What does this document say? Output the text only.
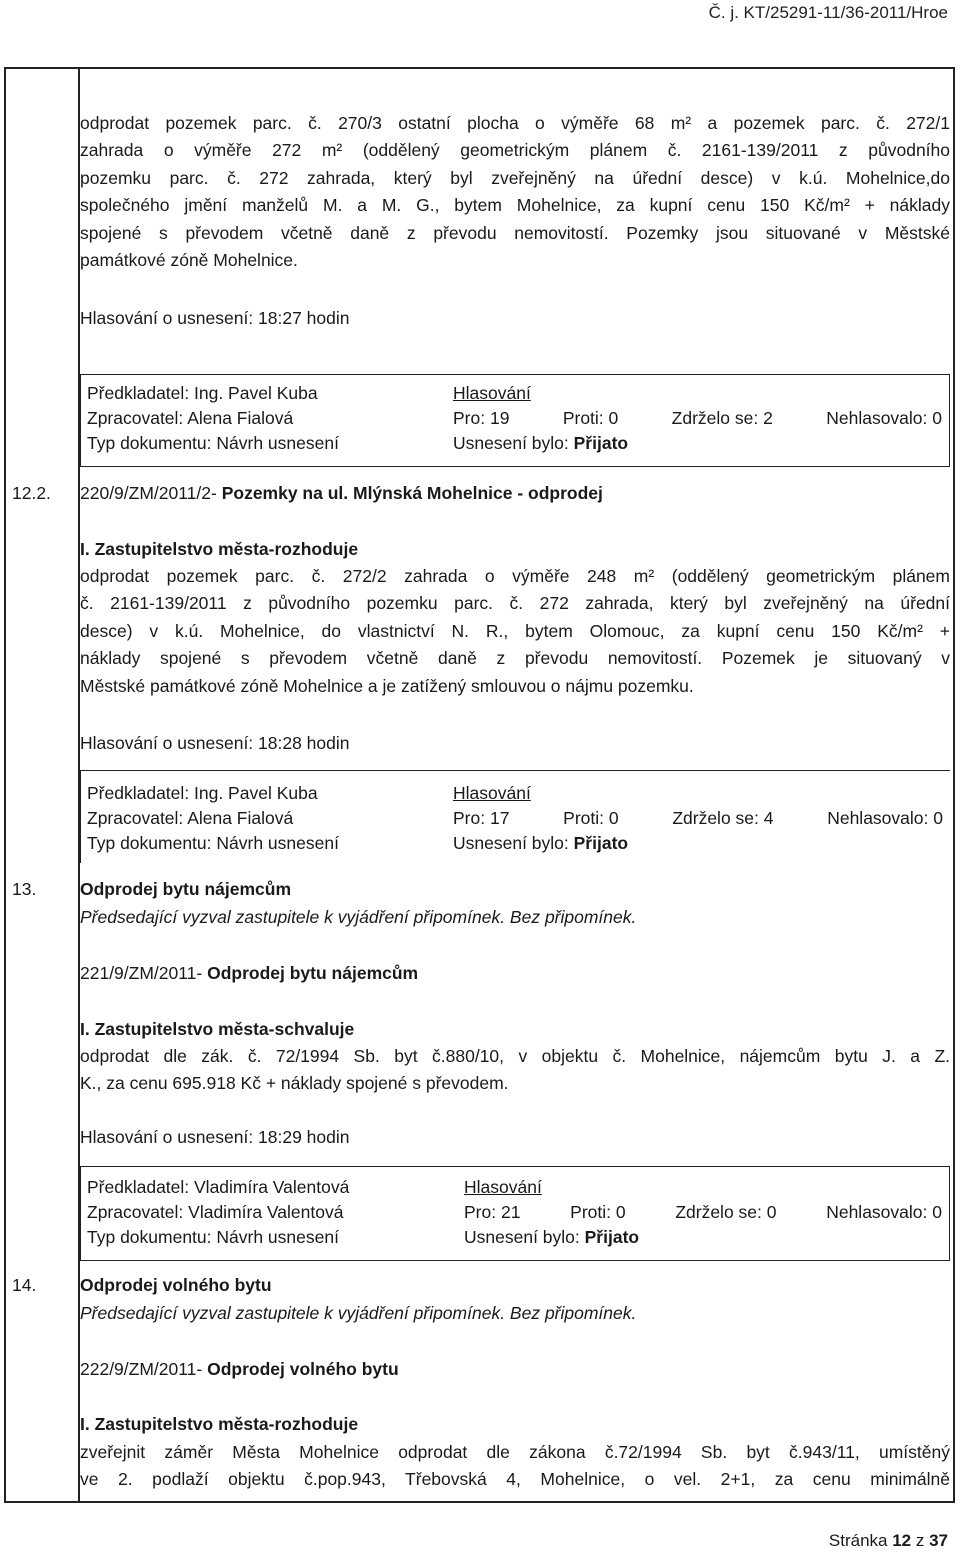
Č. j. KT/25291-11/36-2011/Hroe
odprodat pozemek parc. č. 270/3 ostatní plocha o výměře 68 m² a pozemek parc. č. 272/1
zahrada o výměře 272 m² (oddělený geometrickým plánem č. 2161-139/2011 z původního
pozemku parc. č. 272 zahrada, který byl zveřejněný na úřední desce) v k.ú. Mohelnice,do
společného jmění manželů M. a M. G., bytem Mohelnice, za kupní cenu 150 Kč/m² + náklady
spojené s převodem včetně daně z převodu nemovitostí. Pozemky jsou situované v Městské
památkové zóně Mohelnice.
Hlasování o usnesení: 18:27 hodin
Předkladatel: Ing. Pavel Kuba
Zpracovatel: Alena Fialová
Typ dokumentu: Návrh usnesení
Hlasování
Pro: 19	Proti: 0	Zdrželo se: 2	Nehlasovalo: 0
Usnesení bylo: Přijato
12.2. 220/9/ZM/2011/2- Pozemky na ul. Mlýnská Mohelnice - odprodej
I. Zastupitelstvo města-rozhoduje
odprodat pozemek parc. č. 272/2 zahrada o výměře 248 m² (oddělený geometrickým plánem
č. 2161-139/2011 z původního pozemku parc. č. 272 zahrada, který byl zveřejněný na úřední
desce) v k.ú. Mohelnice, do vlastnictví N. R., bytem Olomouc, za kupní cenu 150 Kč/m² +
náklady spojené s převodem včetně daně z převodu nemovitostí. Pozemek je situovaný v
Městské památkové zóně Mohelnice a je zatížený smlouvou o nájmu pozemku.
Hlasování o usnesení: 18:28 hodin
Předkladatel: Ing. Pavel Kuba
Zpracovatel: Alena Fialová
Typ dokumentu: Návrh usnesení
Hlasování
Pro: 17	Proti: 0	Zdrželo se: 4	Nehlasovalo: 0
Usnesení bylo: Přijato
13. Odprodej bytu nájemcům
Předsedající vyzval zastupitele k vyjádření připomínek. Bez připomínek.
221/9/ZM/2011- Odprodej bytu nájemcům
I. Zastupitelstvo města-schvaluje
odprodat dle zák. č. 72/1994 Sb. byt č.880/10, v objektu č. Mohelnice, nájemcům bytu J. a Z.
K., za cenu 695.918 Kč + náklady spojené s převodem.
Hlasování o usnesení: 18:29 hodin
Předkladatel: Vladimíra Valentová
Zpracovatel: Vladimíra Valentová
Typ dokumentu: Návrh usnesení
Hlasování
Pro: 21	Proti: 0	Zdrželo se: 0	Nehlasovalo: 0
Usnesení bylo: Přijato
14. Odprodej volného bytu
Předsedající vyzval zastupitele k vyjádření připomínek. Bez připomínek.
222/9/ZM/2011- Odprodej volného bytu
I. Zastupitelstvo města-rozhoduje
zveřejnit záměr Města Mohelnice odprodat dle zákona č.72/1994 Sb. byt č.943/11, umístěný
ve 2. podlaží objektu č.pop.943, Třebovská 4, Mohelnice, o vel. 2+1, za cenu minimálně
Stránka 12 z 37
